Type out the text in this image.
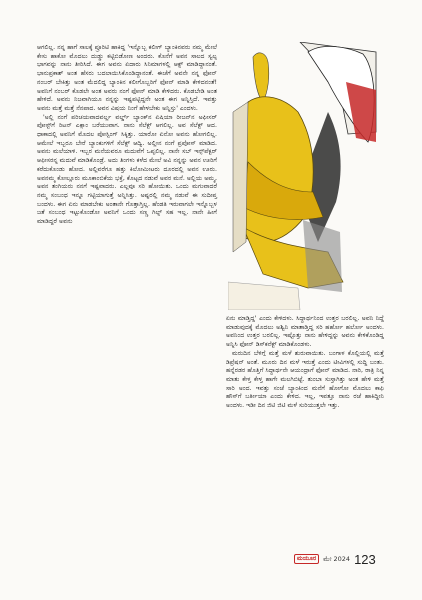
ಆಗಲಿಲ್ಲ. ನನ್ನ ಹಾಗೆ ಸಾಲಕ್ಕೆ ಪ್ರೂರಿಟಿ ಹಾಕಿದ್ದ 'ಇನ್ನೊಬ್ಬ ಕಲೀಗ್ ಬ್ಯಾಂಕಿನವರು ನಮ್ಮ ಮೇಲೆ ಕೇಸು ಹಾಕೋ ಮೊದಲು ದುಡ್ಡು ಕಟ್ಟಿಬಿಡೋಣ ಅಂದರು. ಕೊನೆಗೆ ಅವನ ಸಾಲದ ಸ್ವಲ್ಪ ಭಾಗವನ್ನು ನಾನು ತೀರಿಸಿದೆ. ಈಗ ಅವನು ಏದಾರು ಸಿನಿಮಾಗಳಲ್ಲಿ ಆಕ್ಟ್ ಮಾಡಿದ್ದಾನಂತೆ. ಭಾನುಪ್ರಕಾಶ್ ಅಂತ ಹೆಸರು ಬದಲಾಯಿಸಿಕೊಂಡಿದ್ದಾನಂತೆ. ಈಚೆಗೆ ಅವನೇ ನನ್ನ ಫೋನ್ ನಂಬರ್ ಬೇಕಿತ್ತು ಅಂತ ಮೆದಲಿದ್ದ ಬ್ಯಾಂಕಿನ ಕಲೀಗೊಬ್ಬರಿಗೆ ಫೋನ್ ಮಾಡಿ ಕೇಳಿದನಂತೆ! ಅವನಿಗೆ ನಂಬರ್ ಕೊಡಲೇ ಅಂತ ಅವರು ನಂಗೆ ಫೋನ್ ಮಾಡಿ ಕೇಳಿದರು. ಕೊಡಬೇಡಿ ಅಂತ ಹೇಳಿದೆ. ಅವನು ನಿಜವಾಗಿಯೂ ನನ್ನನ್ನು ಇಷ್ಟಪಟ್ಟಿದ್ದನೇ ಅಂತ ಈಗ ಅನ್ನಿಸ್ತಿದೆ. ಇವತ್ತು ಅವನು ಮತ್ತೆ ಮತ್ತೆ ನೆನಪಾದ. ಅವನ ವಿಷಯ ನಿಂಗೆ ಹೇಳಬೇಕು ಅನ್ನಿಸ್ತು' ಎಂದಳು.

'ಅಲ್ಲಿ ನಂಗೆ ಪರಿಚಯವಾದವರ್ಲ್ಲ ವರ್ಲ್ಡ್ ಬ್ಯಾಂಕ್‌ನ ಏಷಿಯಾ ರೀಜನ್‌ನ ಅಫೀಸರ್ ಪೋಸ್ಟ್‌ಗೆ ರಿಟನ್ ಎಕ್ಸಾಂ ಬರೆಯುವಾಗ. ನಾನು ಸೆಲೆಕ್ಟ್ ಆಗಲಿಲ್ಲ. ಅವ ಸೆಲೆಕ್ಟ್ ಆದ. ಧಾಕಾದಲ್ಲಿ ಅವನಿಗೆ ಮೊದಲ ಪೋಸ್ಟಿಂಗ್ ಸಿಕ್ಕಿತ್ತು. ಯಾರೋ ಏನೋ ಅವನು ಹೋಗಲಿಲ್ಲ. ಆಮೇಲೆ ಇಬ್ಬರೂ ಬೇರೆ ಬ್ಯಾಂಕುಗಳಿಗೆ ಸೆಲೆಕ್ಟ್ ಆದ್ವಿ. ಅಲ್ಲೀನ ನಂಗೆ ಪ್ರಪೋಸ್ ಮಾಡಿದ. ಅವನು ಮಲೆಯಾಳಿ. ಇಬ್ಬರ ಮನೆಯವರೂ ಮದುವೆಗೆ ಒಪ್ಪಲಿಲ್ಲ. ನಾನೇ ಸಬ್ ಇನ್ಸ್‌ಪೆಕ್ಟರ್ ಆಫೀಸರನ್ನ ಮದುವೆ ಮಾಡಿಕೊಂಡ್ರೆ. ಅದು ತಿಂಗಳು ಕಳೆದ ಮೇಲೆ ಅವಿ ನನ್ನನ್ನು ಅವನ ಊರಿಗೆ ಕರೆದುಕೊಂಡು ಹೋದ. ಅಲ್ಲಿವರೆಗೂ ಹತ್ತು ಕಿಲೋಮೀಟರು ದೂರದಲ್ಲಿ ಅವನ ಊರು. ಅವನಮ್ಮ ಕೋಲ್ಲೂರು ಮೂಕಾಂಬಿಕೆಯ ಭಕ್ತೆ, ಕೊಟ್ಟದ ನಡುವೆ ಅವರ ಮನೆ. ಅಲ್ಲಿಯ ಅಮ್ಮ, ಅವನ ತಂಗಿಯರು ನನಗೆ ಇಷ್ಟವಾದರು. ಎಲ್ಲವೂ ಸರಿ ಹೋಯಿತು. ಒಂದು ಮಗುವಾದರೆ ನಮ್ಮ ಸಂಬಂಧ ಇನ್ನೂ ಗಟ್ಟಿಯಾಗುತ್ತೆ ಅನ್ನಿಸಿತ್ತು. ಅಷ್ಟರಲ್ಲಿ ನಮ್ಮ ನಡುವೆ ಈ ಸುದೀಪ್ತ ಬಂದಳು. ಈಗ ಏನು ಮಾಡಬೇಕು ಅಂತಾನೇ ಗೊತ್ತಾಗ್ತಿಲ್ಲ. ಹೆಂಡತಿ ಇರುವಾಗಲೇ ಇನ್ನೊಬ್ಬಳ ಜತೆ ಸಂಬಂಧ ಇಟ್ಟುಕೊಂಡೋ ಅವನಿಗೆ ಒಂದು ಸಣ್ಣ ಗಿಲ್ಟ್ ಸಹ ಇಲ್ಲ. ನಾನೇ ಹೀಗೆ ಮಾಡಿದ್ದರೆ ಅವನು

ಏನು ಮಾಡ್ತಿದ್ದ' ಎಂದು ಕೇಳಿದಳು. ಸಿದ್ಧಾರ್ಥನಿಂದ ಉತ್ತರ ಬರಲಿಲ್ಲ. ಅವನಿ ನಿದ್ದೆ ಮಾಡುವುದಕ್ಕೆ ಮೊದಲು ಅಶ್ವಿನಿ ಮಾತಾಡ್ತಿದ್ದ ಸರಿ ಹರ್ಹೋ ಹರ್ಲೋ ಅಂದಳು. ಅವನಿಂದ ಉತ್ತರ ಬರಲಿಲ್ಲ. ಇಷ್ಟೊತ್ತು ನಾನು ಹೇಳಿದ್ದನ್ನು ಅವನು ಕೇಳಿಕೊಂಡಿದ್ದ ಅನ್ನಿಸಿ ಫೋನ್ ಡಿಸ್‌ಕನೆಕ್ಟ್ ಮಾಡಿಕೊಂಡಳು.

ಮರುದಿನ ಬೆಳಿಗ್ಗೆ ಮತ್ತೆ ಮಳೆ ಶುರುವಾಯಿತು. ಬಂಗಾಳ ಕೊಲ್ಲಿಯಲ್ಲಿ ಮತ್ತೆ ಡಿಪ್ರೆಷನ್ ಅಂತೆ. ಮೂರು ದಿನ ಮಳೆ ಇರುತ್ತೆ ಎಂದು ಟೀವಿಗಳಲ್ಲಿ ಸುದ್ದಿ ಬಂತು. ಹನ್ನೆರಡರ ಹೊತ್ತಿಗೆ ಸಿದ್ಧಾರ್ಥನೇ ಆಯಂದ್ರಾಗೆ ಫೋನ್ ಮಾಡಿದ. ನಾರಿ, ರಾತ್ರಿ ನಿನ್ನ ಮಾತು ಕೇಳ್ತ ಕೇಳ್ತ ಹಾಗೇ ಮಲಗಿಬಿಟ್ಟೆ. ತುಂಬಾ ಸುಸ್ತಾಗಿತ್ತು ಅಂತ ಹೇಳಿ ಮತ್ತೆ ಸಾರಿ ಅಂದ. ಇವತ್ತು ಸಂಜೆ ಬ್ಯಾಂಕಿಂದ ಮನೆಗೆ ಹೋಗೋ ಮೊದಲು ಕಾಫಿ ಹೌಸ್‌ಗೆ ಬರ್ತೀಯಾ ಎಂದು ಕೇಳಿದ. ಇಲ್ಲ, ಇವತ್ತೂ ನಾನು ರಜೆ ಹಾಕಿದ್ದೀನಿ ಅಂದಳು. ಇಡೀ ದಿನ ಜಿಟಿ ಜಿಟಿ ಮಳೆ ಸುರಿಯುತ್ತಲೇ ಇತ್ತು.

ಮಯೂರ	ಮೇ 2024 123
